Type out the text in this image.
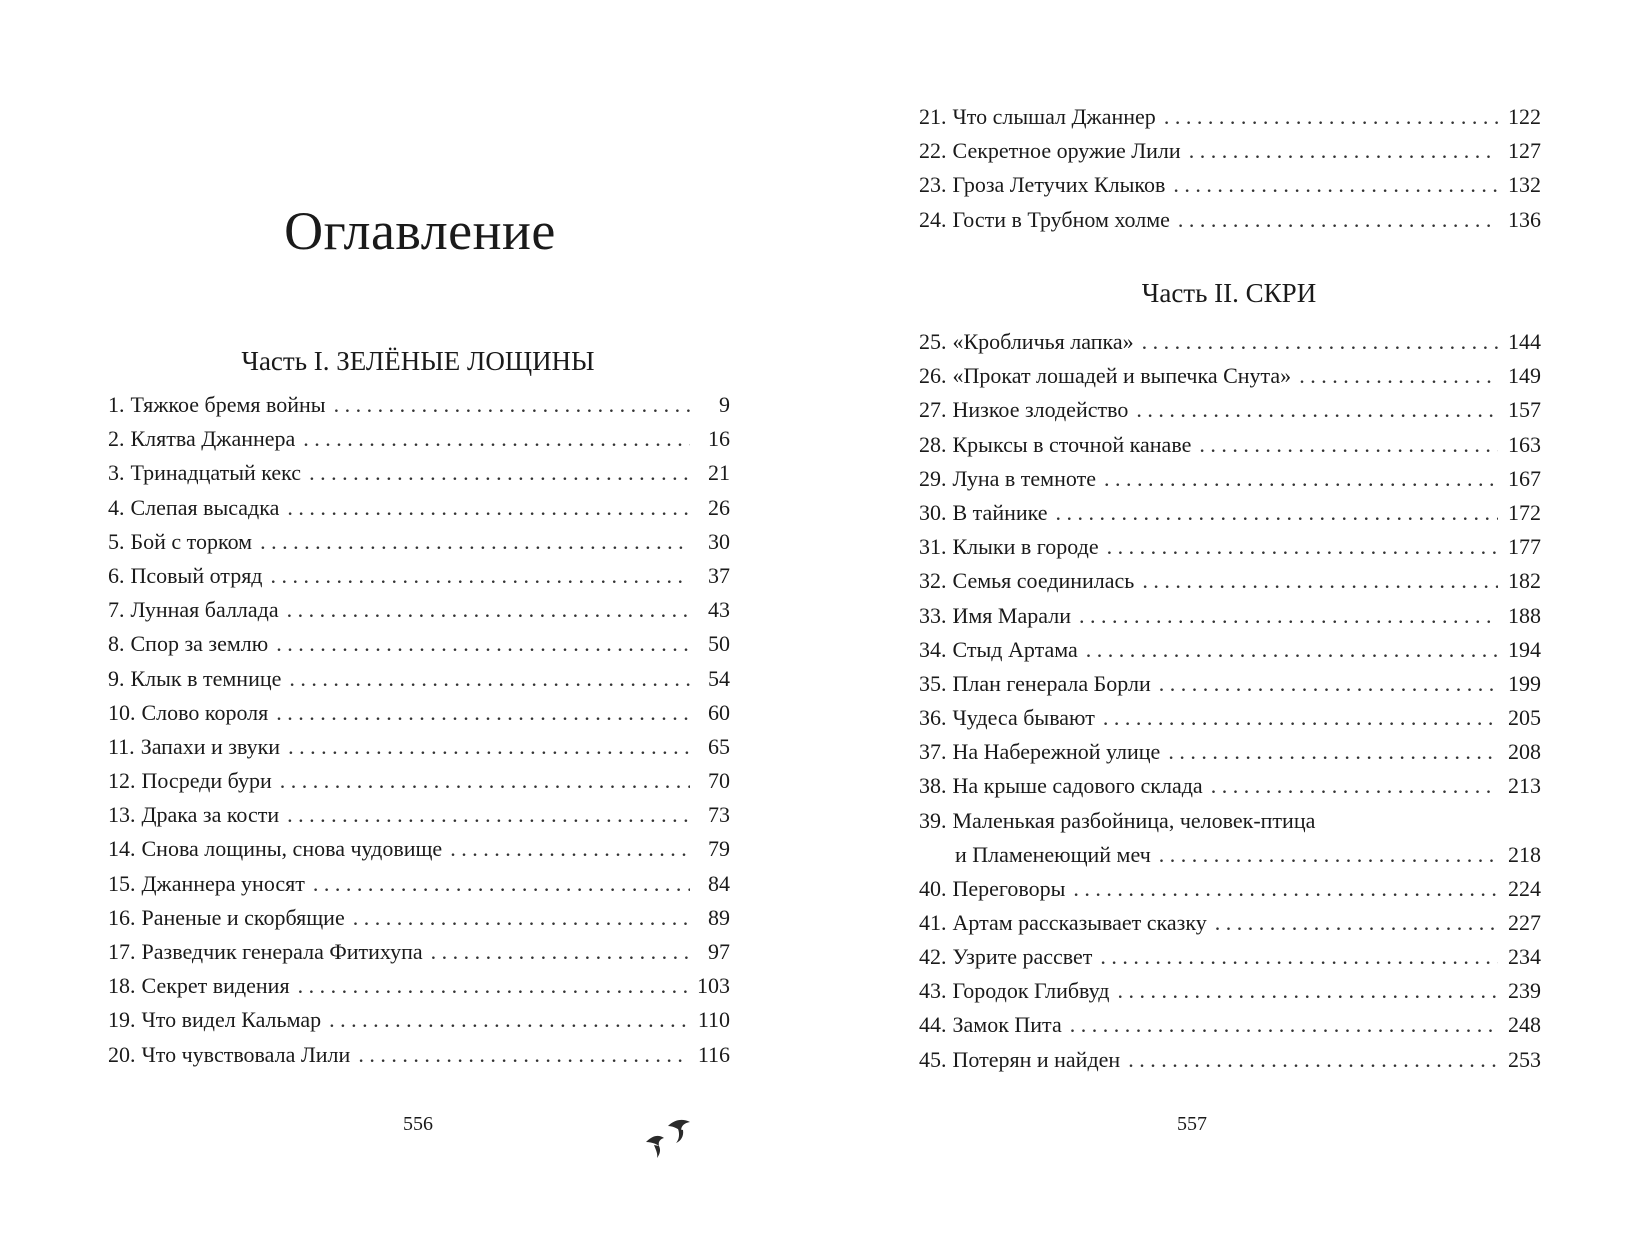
Оглавление
Часть I. ЗЕЛЁНЫЕ ЛОЩИНЫ
1. Тяжкое бремя войны . . .	9
2. Клятва Джаннера . . .	16
3. Тринадцатый кекс . . .	21
4. Слепая высадка . . .	26
5. Бой с торком . . .	30
6. Псовый отряд . . .	37
7. Лунная баллада . . .	43
8. Спор за землю . . .	50
9. Клык в темнице . . .	54
10. Слово короля . . .	60
11. Запахи и звуки . . .	65
12. Посреди бури . . .	70
13. Драка за кости . . .	73
14. Снова лощины, снова чудовище . . .	79
15. Джаннера уносят . . .	84
16. Раненые и скорбящие . . .	89
17. Разведчик генерала Фитихупа . . .	97
18. Секрет видения . . .	103
19. Что видел Кальмар . . .	110
20. Что чувствовала Лили . . .	116

556

21. Что слышал Джаннер . . .	122
22. Секретное оружие Лили . . .	127
23. Гроза Летучих Клыков . . .	132
24. Гости в Трубном холме . . .	136
Часть II. СКРИ
25. «Кробличья лапка» . . .	144
26. «Прокат лошадей и выпечка Снута» . . .	149
27. Низкое злодейство . . .	157
28. Крыксы в сточной канаве . . .	163
29. Луна в темноте . . .	167
30. В тайнике . . .	172
31. Клыки в городе . . .	177
32. Семья соединилась . . .	182
33. Имя Марали . . .	188
34. Стыд Артама . . .	194
35. План генерала Борли . . .	199
36. Чудеса бывают . . .	205
37. На Набережной улице . . .	208
38. На крыше садового склада . . .	213
39. Маленькая разбойница, человек-птица
и Пламенеющий меч . . .	218
40. Переговоры . . .	224
41. Артам рассказывает сказку . . .	227
42. Узрите рассвет . . .	234
43. Городок Глибвуд . . .	239
44. Замок Пита . . .	248
45. Потерян и найден . . .	253

557
